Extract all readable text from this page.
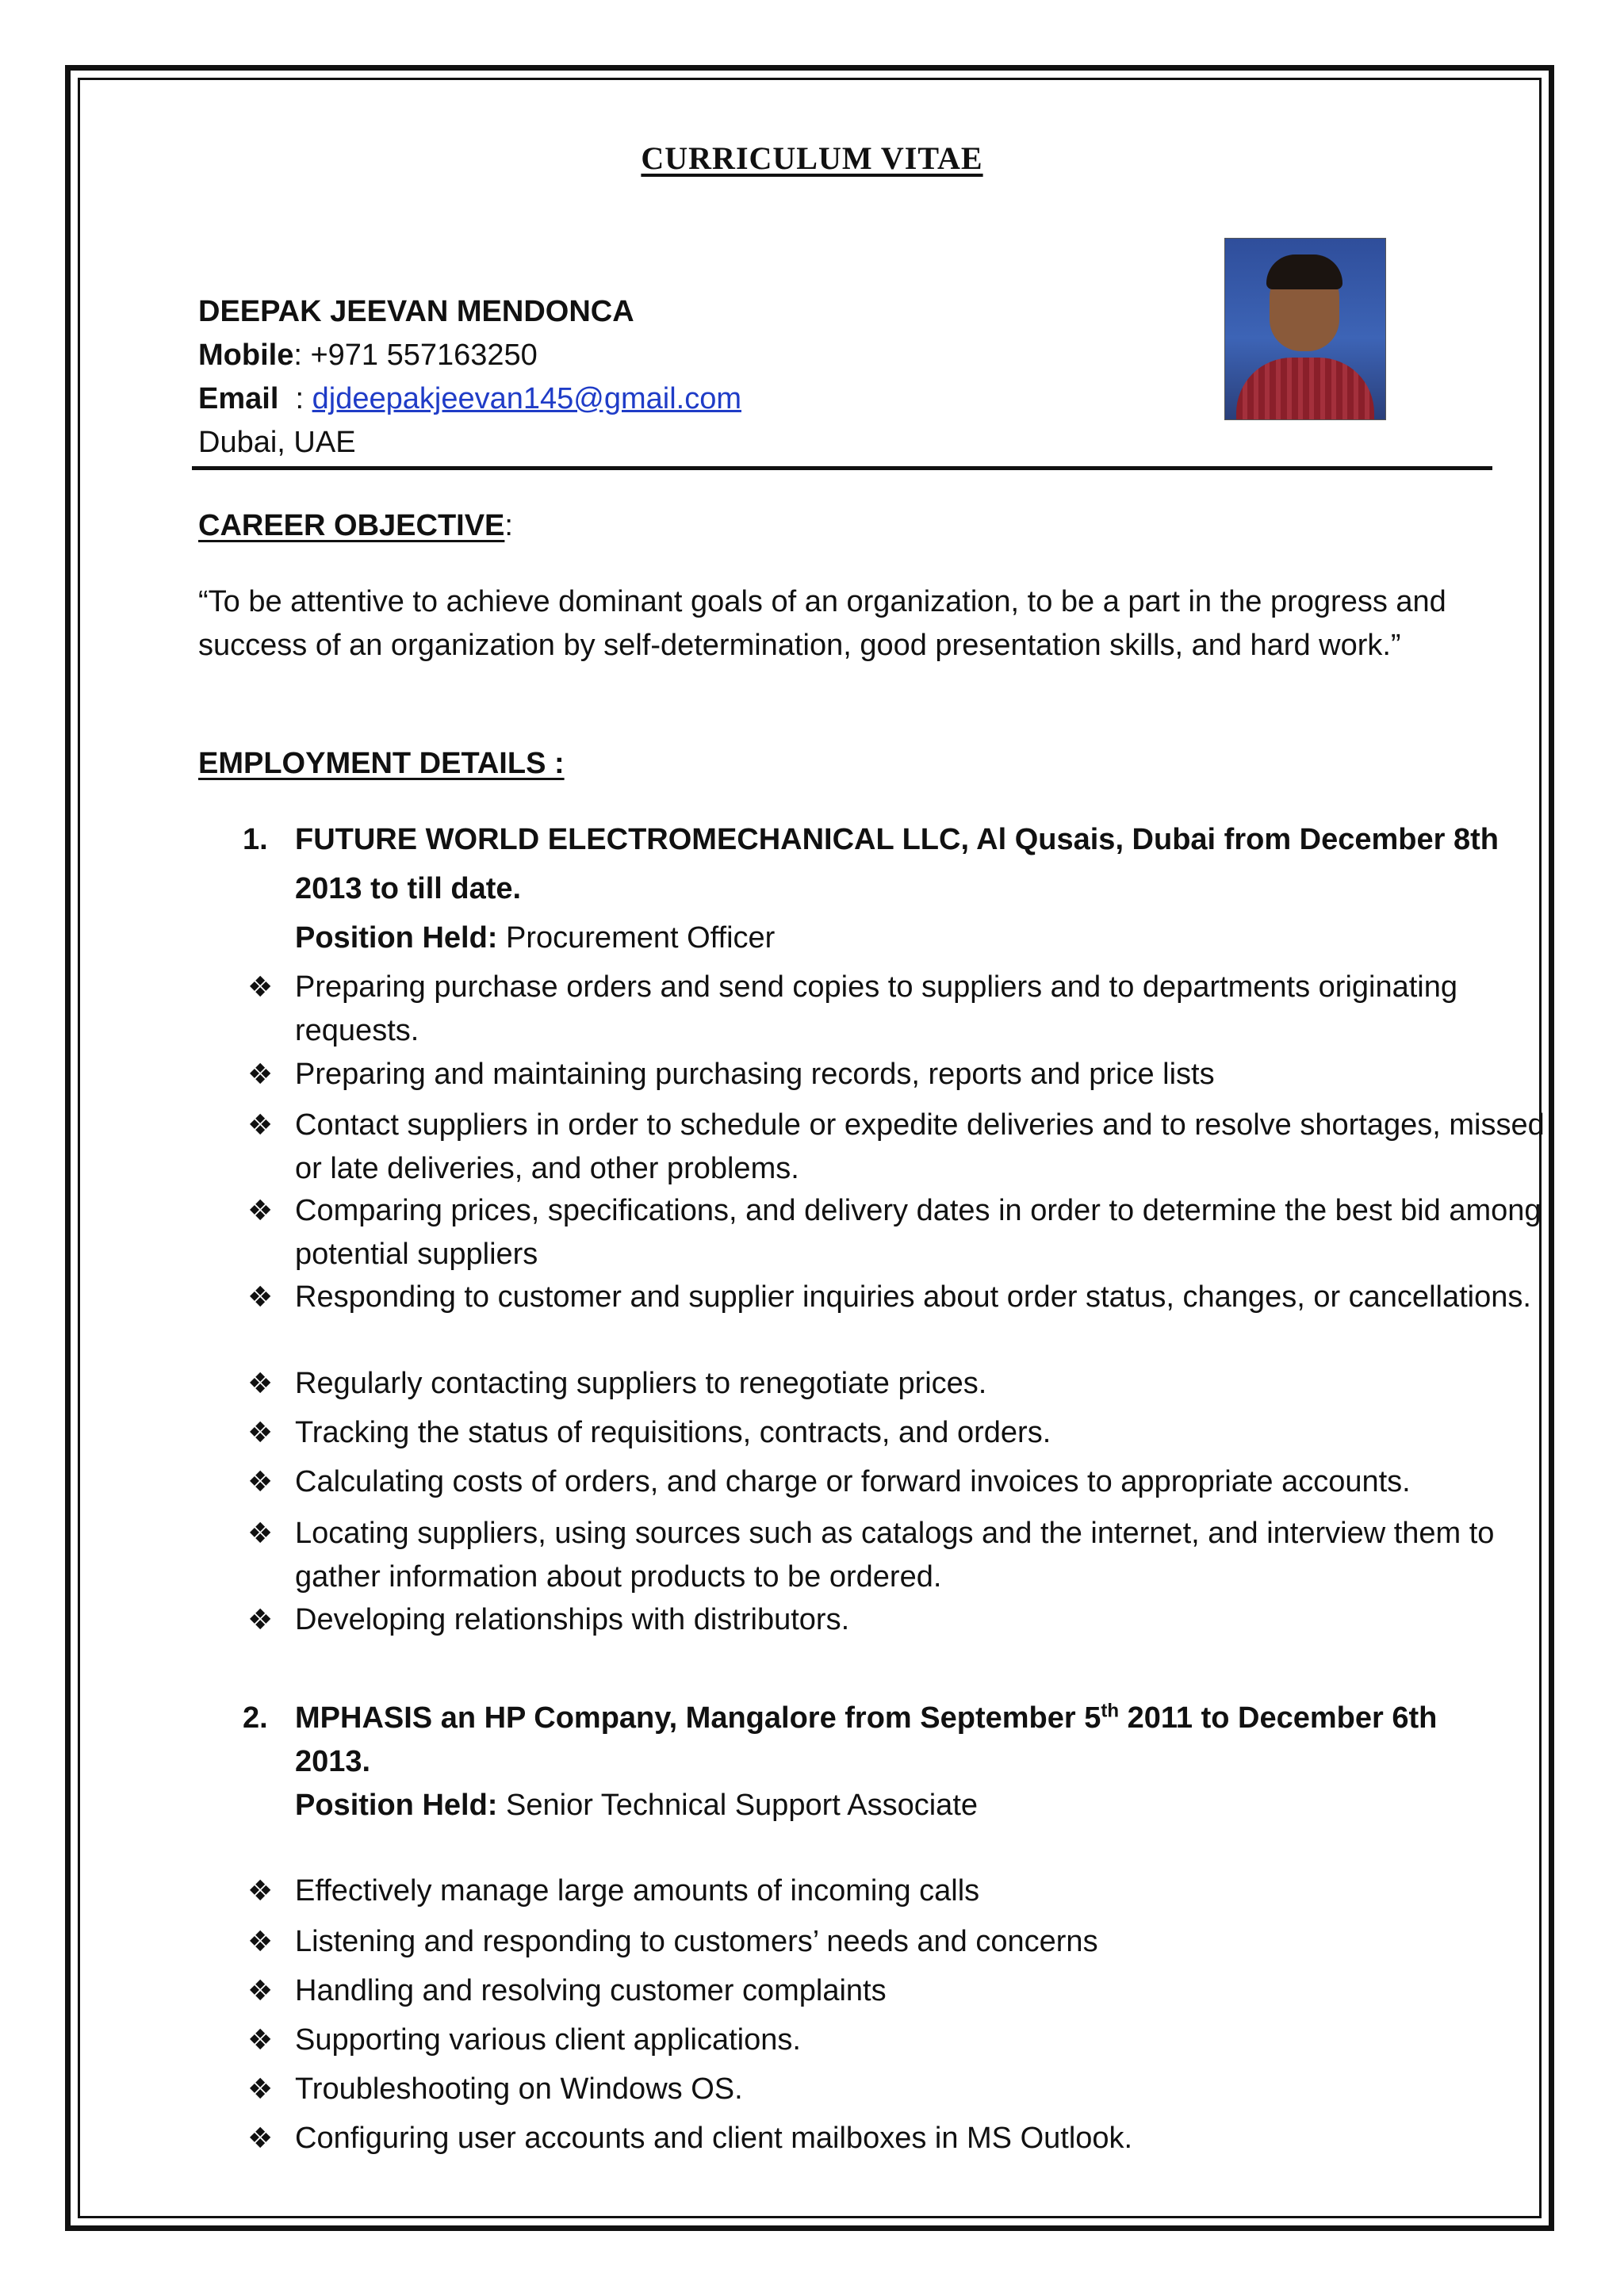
CURRICULUM VITAE
DEEPAK JEEVAN MENDONCA
Mobile: +971 557163250
Email  : djdeepakjeevan145@gmail.com
Dubai, UAE
CAREER OBJECTIVE:

“To be attentive to achieve dominant goals of an organization, to be a part in the progress and success of an organization by self-determination, good presentation skills, and hard work.”

EMPLOYMENT DETAILS :
1. FUTURE WORLD ELECTROMECHANICAL LLC, Al Qusais, Dubai from December 8th 2013 to till date.
Position Held: Procurement Officer
❖ Preparing purchase orders and send copies to suppliers and to departments originating requests.
❖ Preparing and maintaining purchasing records, reports and price lists
❖ Contact suppliers in order to schedule or expedite deliveries and to resolve shortages, missed or late deliveries, and other problems.
❖ Comparing prices, specifications, and delivery dates in order to determine the best bid among potential suppliers
❖ Responding to customer and supplier inquiries about order status, changes, or cancellations.
❖ Regularly contacting suppliers to renegotiate prices.
❖ Tracking the status of requisitions, contracts, and orders.
❖ Calculating costs of orders, and charge or forward invoices to appropriate accounts.
❖ Locating suppliers, using sources such as catalogs and the internet, and interview them to gather information about products to be ordered.
❖ Developing relationships with distributors.
2. MPHASIS an HP Company, Mangalore from September 5th 2011 to December 6th 2013.
Position Held: Senior Technical Support Associate
❖ Effectively manage large amounts of incoming calls
❖ Listening and responding to customers’ needs and concerns
❖ Handling and resolving customer complaints
❖ Supporting various client applications.
❖ Troubleshooting on Windows OS.
❖ Configuring user accounts and client mailboxes in MS Outlook.
